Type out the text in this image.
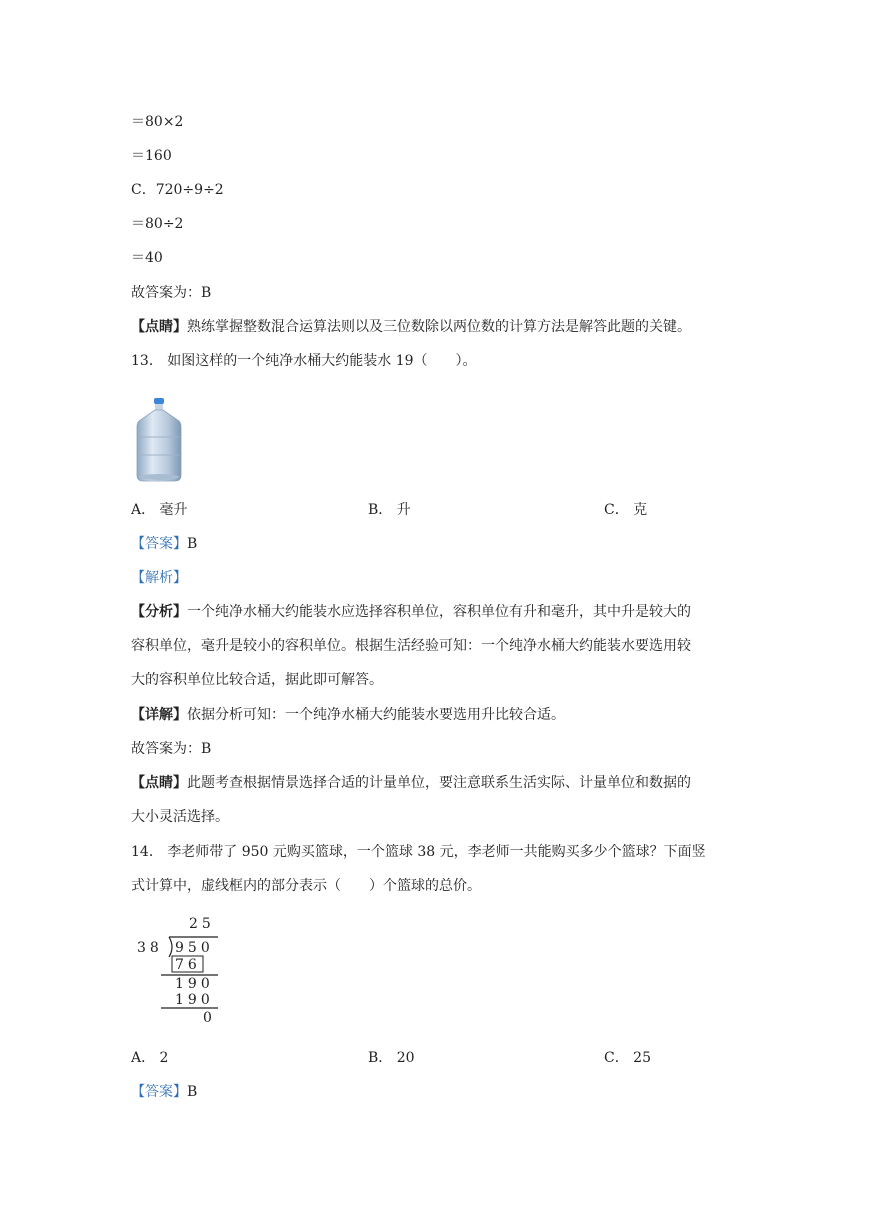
＝80×2
＝160
C．720÷9÷2
＝80÷2
＝40
故答案为：B
【点睛】熟练掌握整数混合运算法则以及三位数除以两位数的计算方法是解答此题的关键。
13． 如图这样的一个纯净水桶大约能装水 19（　　）。
A． 毫升	B． 升	C． 克
【答案】B
【解析】
【分析】一个纯净水桶大约能装水应选择容积单位，容积单位有升和毫升，其中升是较大的
容积单位，毫升是较小的容积单位。根据生活经验可知：一个纯净水桶大约能装水要选用较
大的容积单位比较合适，据此即可解答。
【详解】依据分析可知：一个纯净水桶大约能装水要选用升比较合适。
故答案为：B
【点睛】此题考查根据情景选择合适的计量单位，要注意联系生活实际、计量单位和数据的
大小灵活选择。
14． 李老师带了 950 元购买篮球，一个篮球 38 元，李老师一共能购买多少个篮球？下面竖
式计算中，虚线框内的部分表示（　　）个篮球的总价。
25
38 950
76
190
190
0
A． 2	B． 20	C． 25
【答案】B
